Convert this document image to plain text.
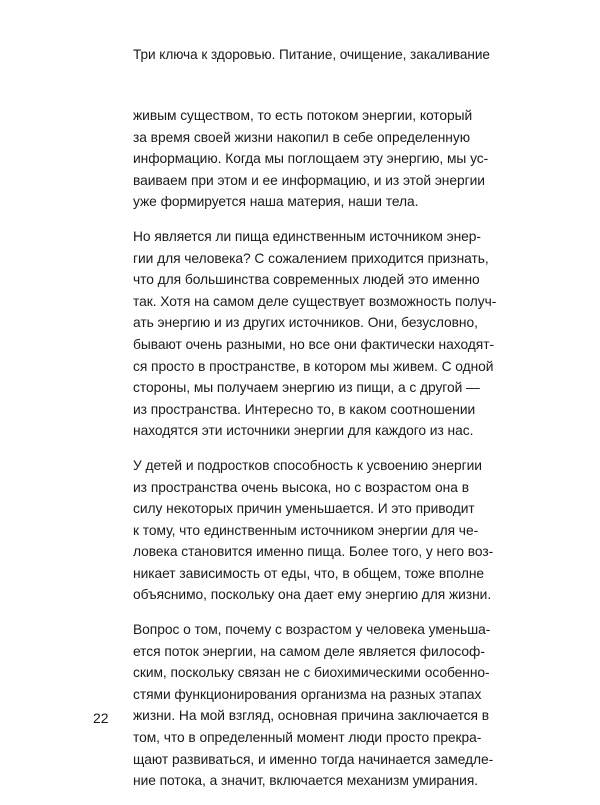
Три ключа к здоровью. Питание, очищение, закаливание

живым существом, то есть потоком энергии, который
за время своей жизни накопил в себе определенную
информацию. Когда мы поглощаем эту энергию, мы ус-
ваиваем при этом и ее информацию, и из этой энергии
уже формируется наша материя, наши тела.

Но является ли пища единственным источником энер-
гии для человека? С сожалением приходится признать,
что для большинства современных людей это именно
так. Хотя на самом деле существует возможность получ-
ать энергию и из других источников. Они, безусловно,
бывают очень разными, но все они фактически находят-
ся просто в пространстве, в котором мы живем. С одной
стороны, мы получаем энергию из пищи, а с другой —
из пространства. Интересно то, в каком соотношении
находятся эти источники энергии для каждого из нас.

У детей и подростков способность к усвоению энергии
из пространства очень высока, но с возрастом она в
силу некоторых причин уменьшается. И это приводит
к тому, что единственным источником энергии для че-
ловека становится именно пища. Более того, у него воз-
никает зависимость от еды, что, в общем, тоже вполне
объяснимо, поскольку она дает ему энергию для жизни.

Вопрос о том, почему с возрастом у человека уменьша-
ется поток энергии, на самом деле является философ-
ским, поскольку связан не с биохимическими особенно-
стями функционирования организма на разных этапах
жизни. На мой взгляд, основная причина заключается в
том, что в определенный момент люди просто прекра-
щают развиваться, и именно тогда начинается замедле-
ние потока, а значит, включается механизм умирания.

22
